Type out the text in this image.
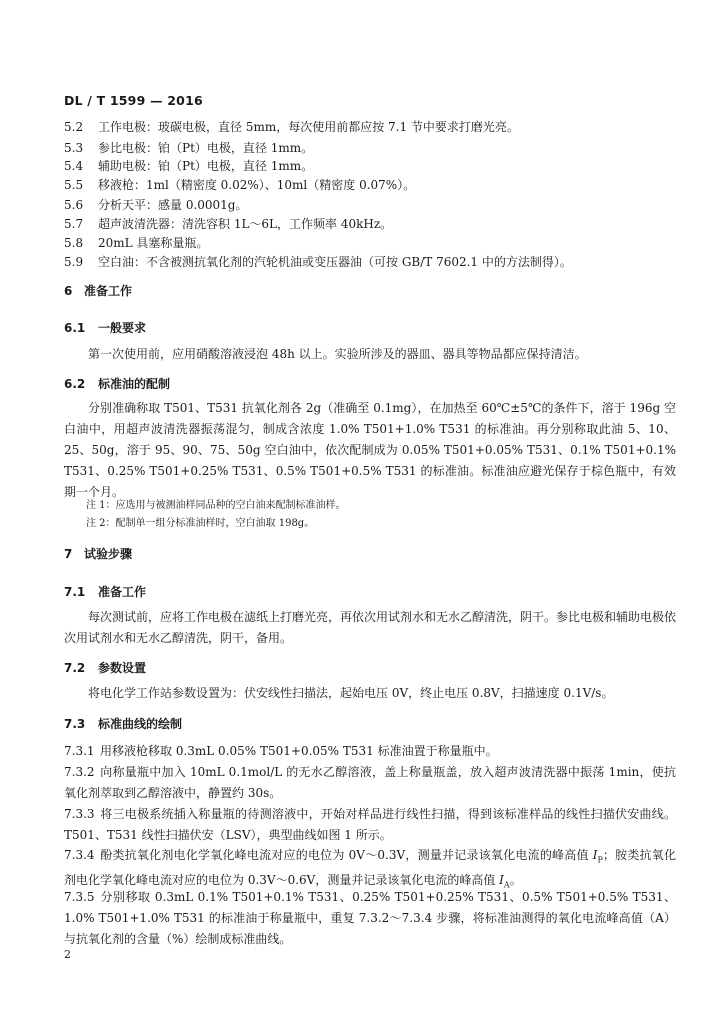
DL / T 1599 — 2016
5.2 工作电极：玻碳电极，直径 5mm，每次使用前都应按 7.1 节中要求打磨光亮。
5.3 参比电极：铂（Pt）电极，直径 1mm。
5.4 辅助电极：铂（Pt）电极，直径 1mm。
5.5 移液枪：1ml（精密度 0.02%）、10ml（精密度 0.07%）。
5.6 分析天平：感量 0.0001g。
5.7 超声波清洗器：清洗容积 1L～6L，工作频率 40kHz。
5.8 20mL 具塞称量瓶。
5.9 空白油：不含被测抗氧化剂的汽轮机油或变压器油（可按 GB/T 7602.1 中的方法制得）。
6 准备工作
6.1 一般要求
第一次使用前，应用硝酸溶液浸泡 48h 以上。实验所涉及的器皿、器具等物品都应保持清洁。
6.2 标准油的配制
分别准确称取 T501、T531 抗氧化剂各 2g（准确至 0.1mg），在加热至 60℃±5℃的条件下，溶于 196g 空白油中，用超声波清洗器振荡混匀，制成含浓度 1.0% T501+1.0% T531 的标准油。再分别称取此油 5、10、25、50g，溶于 95、90、75、50g 空白油中，依次配制成为 0.05% T501+0.05% T531、0.1% T501+0.1% T531、0.25% T501+0.25% T531、0.5% T501+0.5% T531 的标准油。标准油应避光保存于棕色瓶中，有效期一个月。
注 1：应选用与被测油样同品种的空白油来配制标准油样。
注 2：配制单一组分标准油样时，空白油取 198g。
7 试验步骤
7.1 准备工作
每次测试前，应将工作电极在滤纸上打磨光亮，再依次用试剂水和无水乙醇清洗，阴干。参比电极和辅助电极依次用试剂水和无水乙醇清洗，阴干，备用。
7.2 参数设置
将电化学工作站参数设置为：伏安线性扫描法，起始电压 0V，终止电压 0.8V，扫描速度 0.1V/s。
7.3 标准曲线的绘制
7.3.1 用移液枪移取 0.3mL 0.05% T501+0.05% T531 标准油置于称量瓶中。
7.3.2 向称量瓶中加入 10mL 0.1mol/L 的无水乙醇溶液，盖上称量瓶盖，放入超声波清洗器中振荡 1min，使抗氧化剂萃取到乙醇溶液中，静置约 30s。
7.3.3 将三电极系统插入称量瓶的待测溶液中，开始对样品进行线性扫描，得到该标准样品的线性扫描伏安曲线。T501、T531 线性扫描伏安（LSV），典型曲线如图 1 所示。
7.3.4 酚类抗氧化剂电化学氧化峰电流对应的电位为 0V～0.3V，测量并记录该氧化电流的峰高值 $I_P$；胺类抗氧化剂电化学氧化峰电流对应的电位为 0.3V～0.6V，测量并记录该氧化电流的峰高值 $I_A$。
7.3.5 分别移取 0.3mL 0.1% T501+0.1% T531、0.25% T501+0.25% T531、0.5% T501+0.5% T531、1.0% T501+1.0% T531 的标准油于称量瓶中，重复 7.3.2～7.3.4 步骤，将标准油测得的氧化电流峰高值（A）与抗氧化剂的含量（%）绘制成标准曲线。
2
